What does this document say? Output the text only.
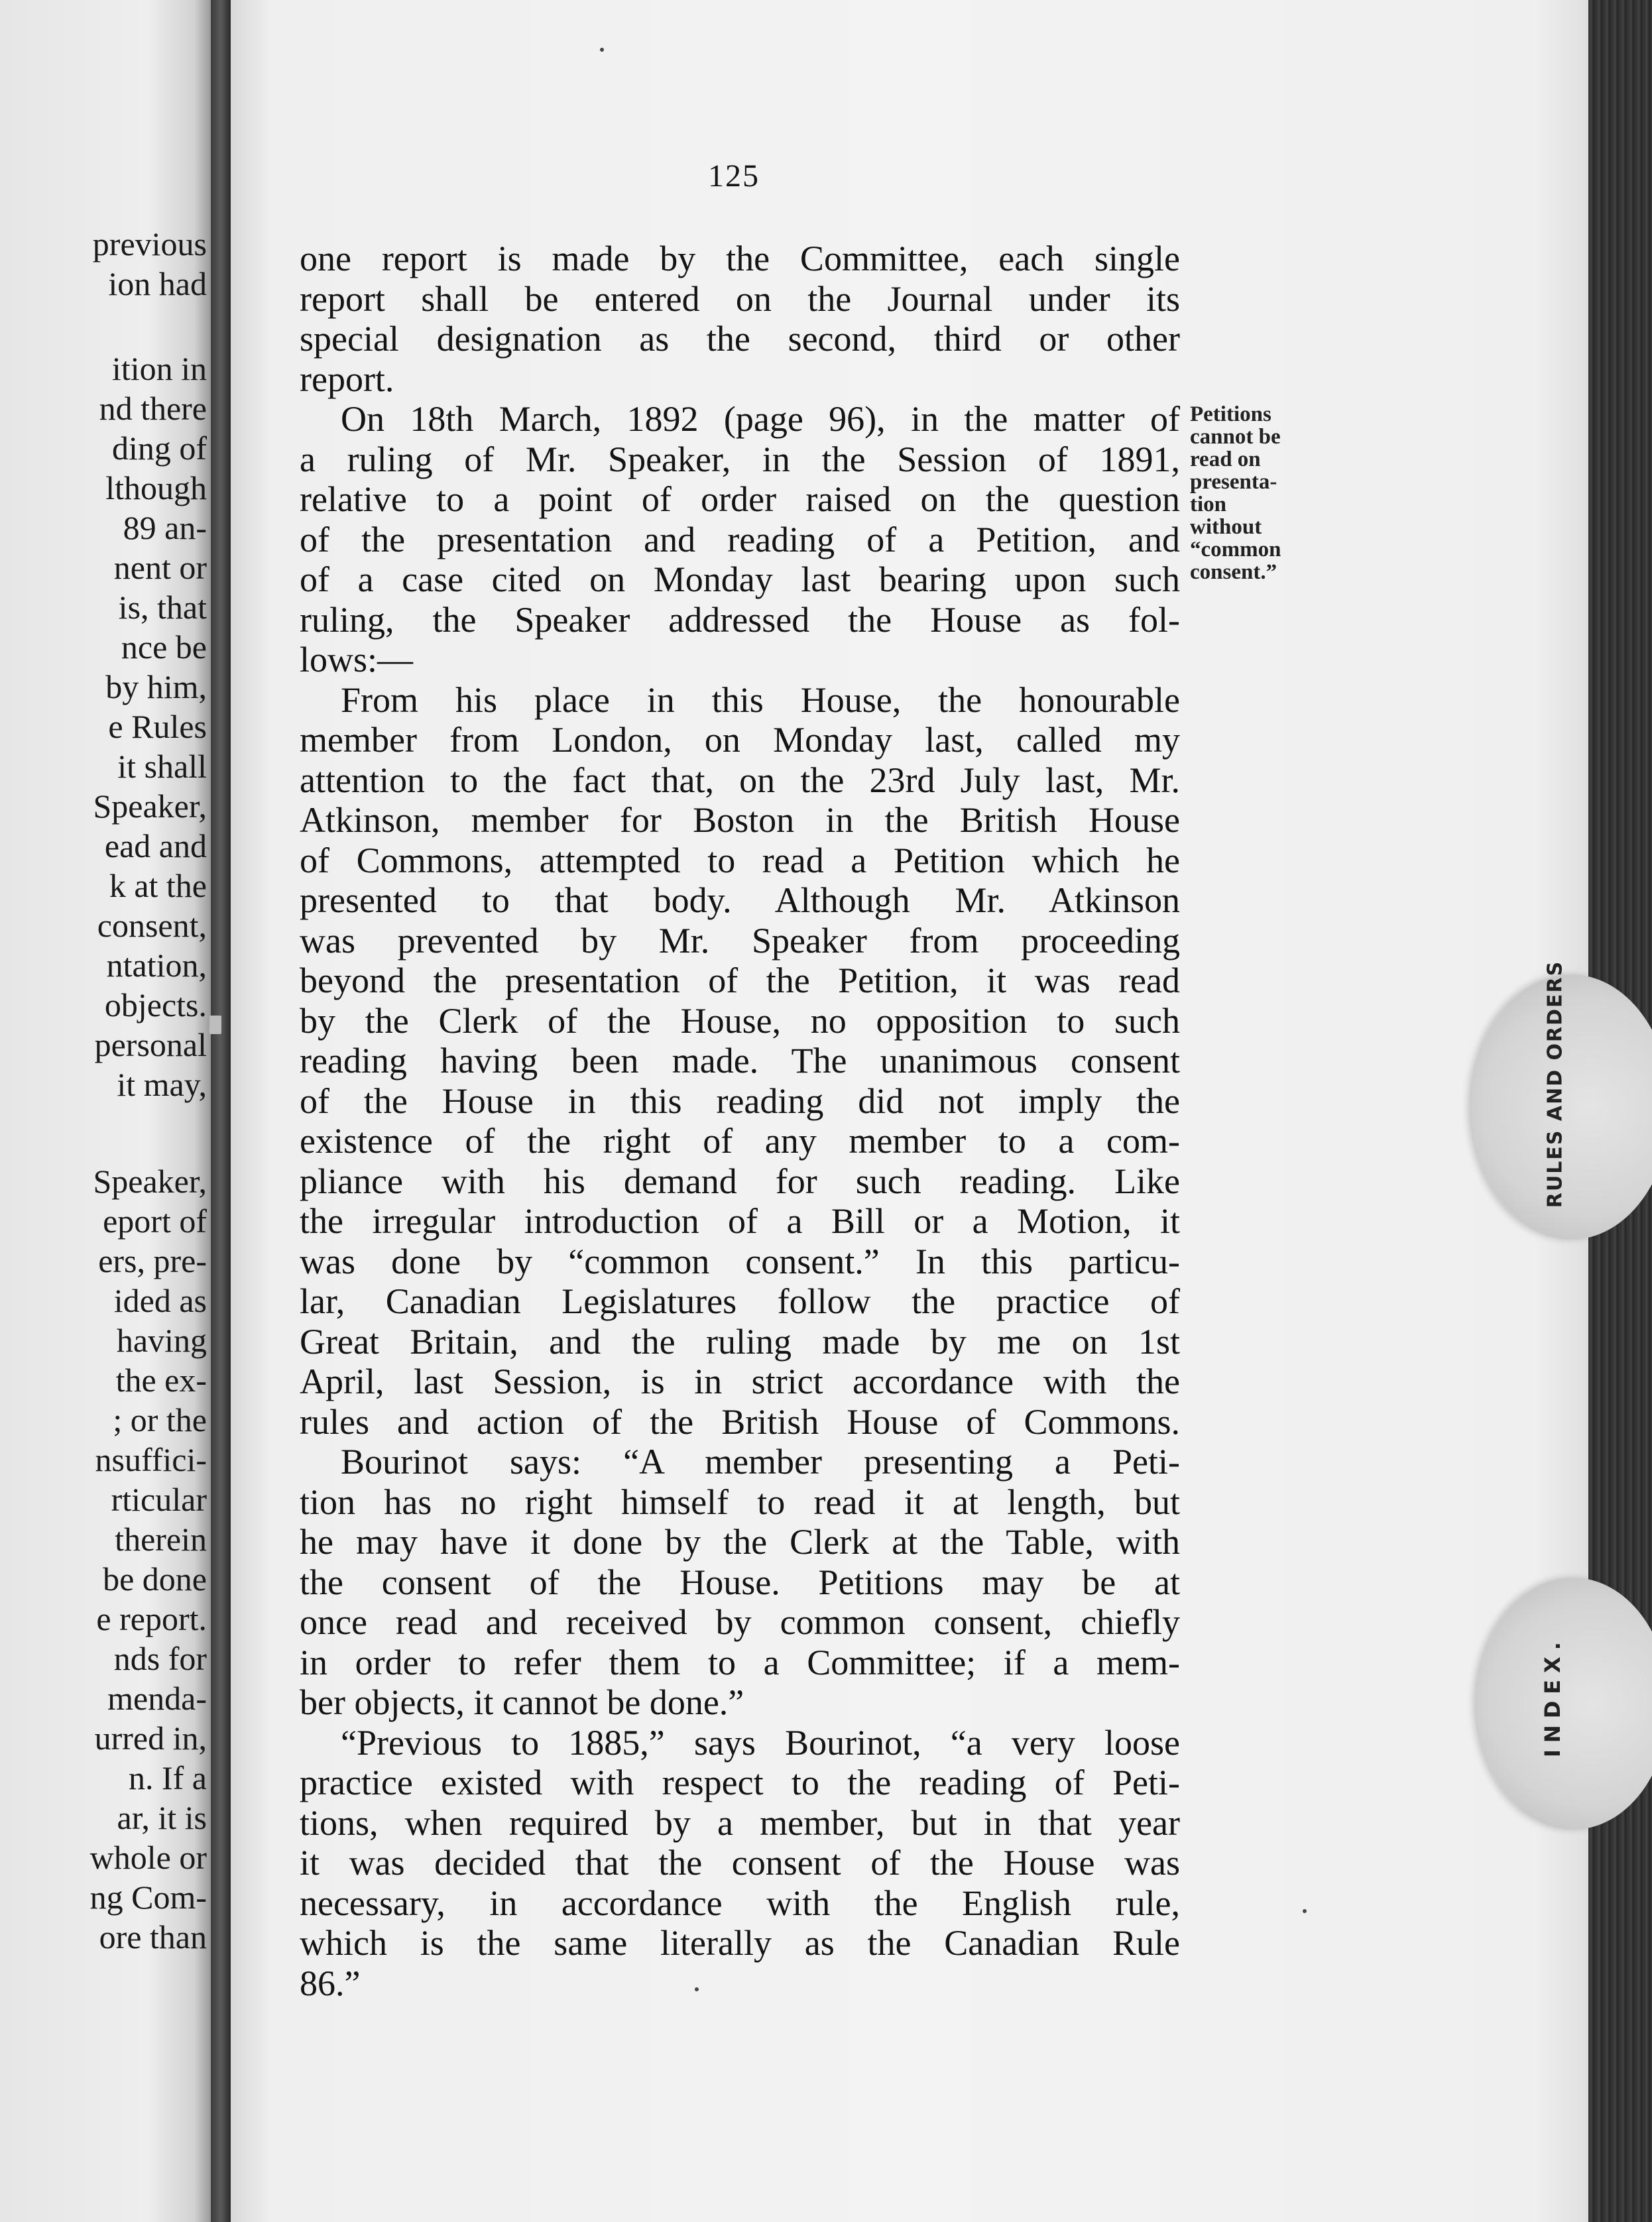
previous
ion had
ition in
nd there
ding of
lthough
89 an-
nent or
is, that
nce be
by him,
e Rules
it shall
Speaker,
ead and
k at the
consent,
ntation,
objects.
personal
it may,
Speaker,
eport of
ers, pre-
ided as
having
the ex-
; or the
nsuffici-
rticular
therein
be done
e report.
nds for
menda-
urred in,
n. If a
ar, it is
whole or
ng Com-
ore than
RULES AND ORDERS
INDEX.
125
one report is made by the Committee, each single
report shall be entered on the Journal under its
special designation as the second, third or other
report.
On 18th March, 1892 (page 96), in the matter of
a ruling of Mr. Speaker, in the Session of 1891,
relative to a point of order raised on the question
of the presentation and reading of a Petition, and
of a case cited on Monday last bearing upon such
ruling, the Speaker addressed the House as fol-
lows:—
From his place in this House, the honourable
member from London, on Monday last, called my
attention to the fact that, on the 23rd July last, Mr.
Atkinson, member for Boston in the British House
of Commons, attempted to read a Petition which he
presented to that body. Although Mr. Atkinson
was prevented by Mr. Speaker from proceeding
beyond the presentation of the Petition, it was read
by the Clerk of the House, no opposition to such
reading having been made. The unanimous consent
of the House in this reading did not imply the
existence of the right of any member to a com-
pliance with his demand for such reading. Like
the irregular introduction of a Bill or a Motion, it
was done by “common consent.” In this particu-
lar, Canadian Legislatures follow the practice of
Great Britain, and the ruling made by me on 1st
April, last Session, is in strict accordance with the
rules and action of the British House of Commons.
Bourinot says: “A member presenting a Peti-
tion has no right himself to read it at length, but
he may have it done by the Clerk at the Table, with
the consent of the House. Petitions may be at
once read and received by common consent, chiefly
in order to refer them to a Committee; if a mem-
ber objects, it cannot be done.”
“Previous to 1885,” says Bourinot, “a very loose
practice existed with respect to the reading of Peti-
tions, when required by a member, but in that year
it was decided that the consent of the House was
necessary, in accordance with the English rule,
which is the same literally as the Canadian Rule
86.”
Petitions
cannot be
read on
presenta-
tion
without
“common
consent.”
